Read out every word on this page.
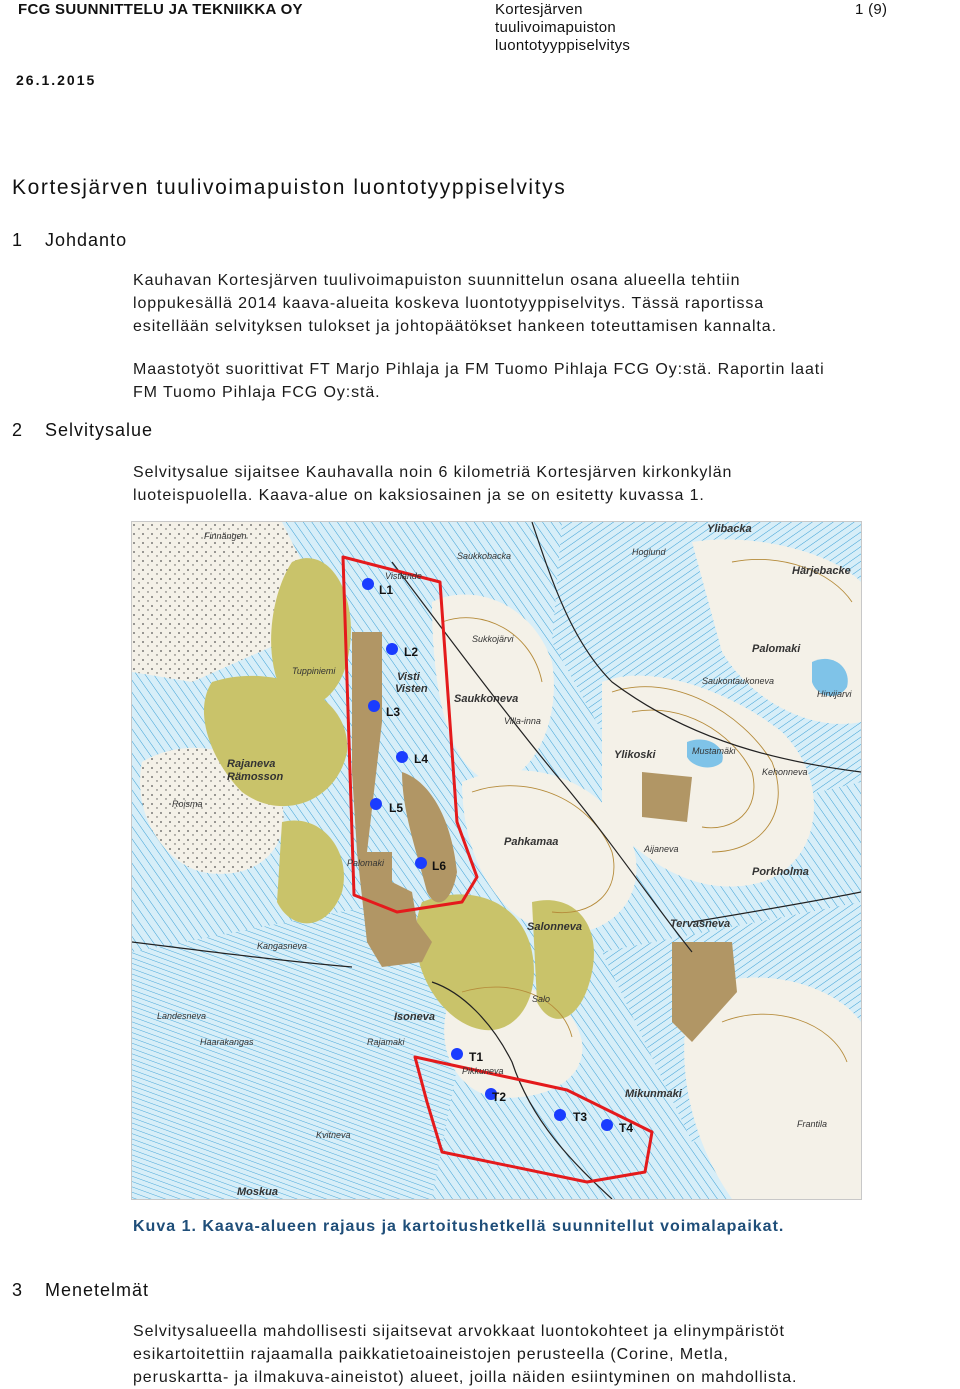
FCG SUUNNITTELU JA TEKNIIKKA OY	Kortesjärven
tuulivoimapuiston
luontotyyppiselvitys
1 (9)
26.1.2015
Kortesjärven tuulivoimapuiston luontotyyppiselvitys
1 Johdanto
Kauhavan Kortesjärven tuulivoimapuiston suunnittelun osana alueella tehtiin
loppukesällä 2014 kaava-alueita koskeva luontotyyppiselvitys. Tässä raportissa
esitellään selvityksen tulokset ja johtopäätökset hankeen toteuttamisen kannalta.
Maastotyöt suorittivat FT Marjo Pihlaja ja FM Tuomo Pihlaja FCG Oy:stä. Raportin laati
FM Tuomo Pihlaja FCG Oy:stä.
2 Selvitysalue
Selvitysalue sijaitsee Kauhavalla noin 6 kilometriä Kortesjärven kirkonkylän
luoteispuolella. Kaava-alue on kaksiosainen ja se on esitetty kuvassa 1.
Finnängen
Vistlande
Saukkobacka
Ylibacka
Hoglund
Härjebacke
Sukkojärvi
Tuppiniemi	Visti
Visten
Saukkoneva
Villa-inna
Palomaki
Hirvijarvi
Saukontaukoneva
Rajaneva
Rämosson
Ylikoski	Mustamäki
Kehonneva
Roisma
Palomaki
Pahkamaa
Aijaneva
Porkholma
Kangasneva
Salonneva	Tervasneva
Salo
Isoneva
Landesneva
Haarakangas	Rajamaki
Pikkuneva
Mikunmaki
Frantila
Kvitneva
Moskua
L1
L2
L3
L4
L5
L6
T1
T2
T3
T4
Kuva 1. Kaava-alueen rajaus ja kartoitushetkellä suunnitellut voimalapaikat.
3 Menetelmät
Selvitysalueella mahdollisesti sijaitsevat arvokkaat luontokohteet ja elinympäristöt
esikartoitettiin rajaamalla paikkatietoaineistojen perusteella (Corine, Metla,
peruskartta- ja ilmakuva-aineistot) alueet, joilla näiden esiintyminen on mahdollista.
